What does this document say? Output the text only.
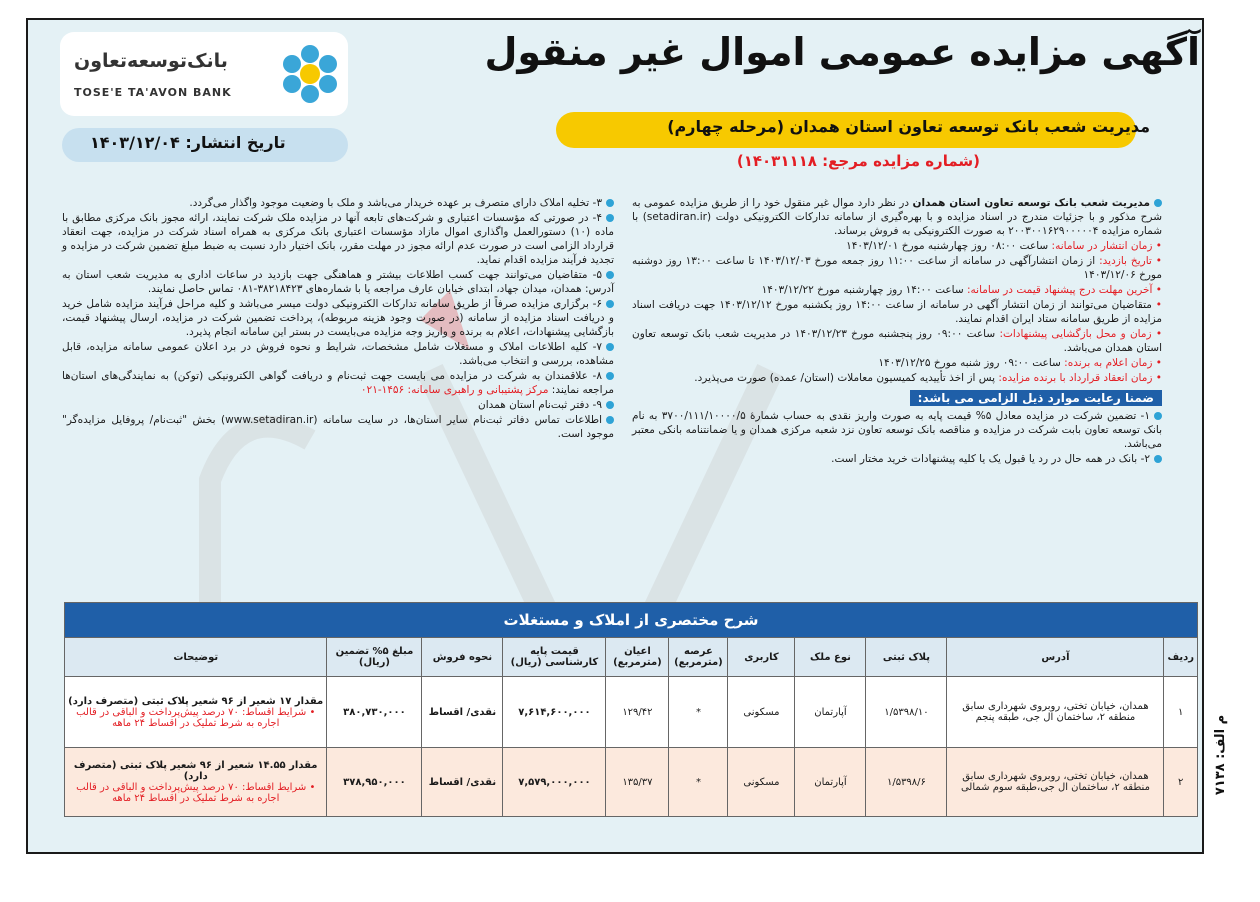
آگهی مزایده عمومی اموال غیر منقول
مدیریت شعب بانک توسعه تعاون استان همدان (مرحله چهارم)
(شماره مزایده مرجع: ۱۴۰۳۱۱۱۸)
بانک‌توسعه‌تعاون
TOSE'E TA'AVON BANK
تاریخ انتشار: ۱۴۰۳/۱۲/۰۴

مدیریت شعب بانک توسعه تعاون استان همدان در نظر دارد موال غیر منقول خود را از طریق مزایده عمومی به شرح مذکور و با جزئیات مندرج در اسناد مزایده و با بهره‌گیری از سامانه تدارکات الکترونیکی دولت (setadiran.ir) با شماره مزایده ۲۰۰۳۰۰۱۶۲۹۰۰۰۰۰۴ به صورت الکترونیکی به فروش برساند.

• زمان انتشار در سامانه: ساعت ۰۸:۰۰ روز چهارشنبه مورخ ۱۴۰۳/۱۲/۰۱

• تاریخ بازدید: از زمان انتشارآگهی در سامانه از ساعت ۱۱:۰۰ روز جمعه مورخ ۱۴۰۳/۱۲/۰۳ تا ساعت ۱۳:۰۰ روز دوشنبه مورخ ۱۴۰۳/۱۲/۰۶

• آخرین مهلت درج پیشنهاد قیمت در سامانه: ساعت ۱۴:۰۰ روز چهارشنبه مورخ ۱۴۰۳/۱۲/۲۲

• متقاضیان می‌توانند از زمان انتشار آگهی در سامانه از ساعت ۱۴:۰۰ روز یکشنبه مورخ ۱۴۰۳/۱۲/۱۲ جهت دریافت اسناد مزایده از طریق سامانه ستاد ایران اقدام نمایند.

• زمان و محل بازگشایی پیشنهادات: ساعت ۰۹:۰۰ روز پنجشنبه مورخ ۱۴۰۳/۱۲/۲۳ در مدیریت شعب بانک توسعه تعاون استان همدان می‌باشد.

• زمان اعلام به برنده: ساعت ۰۹:۰۰ روز شنبه مورخ ۱۴۰۳/۱۲/۲۵

• زمان انعقاد قرارداد با برنده مزایده: پس از اخذ تأییدیه کمیسیون معاملات (استان/ عمده) صورت می‌پذیرد.

ضمنا رعایت موارد ذیل الزامی می باشد:

۱- تضمین شرکت در مزایده معادل ۵% قیمت پایه به صورت واریز نقدی به حساب شمارهٔ ۳۷۰۰/۱۱۱/۱۰۰۰۰/۵ به نام بانک توسعه تعاون بابت شرکت در مزایده و مناقصه بانک توسعه تعاون نزد شعبه مرکزی همدان و یا ضمانتنامه بانکی معتبر می‌باشد.

۲- بانک در همه حال در رد یا قبول یک یا کلیه پیشنهادات خرید مختار است.

۳- تخلیه املاک دارای متصرف بر عهده خریدار می‌باشد و ملک با وضعیت موجود واگذار می‌گردد.

۴- در صورتی که مؤسسات اعتباری و شرکت‌های تابعه آنها در مزایده ملک شرکت نمایند، ارائه مجوز بانک مرکزی مطابق با ماده (۱۰) دستورالعمل واگذاری اموال مازاد مؤسسات اعتباری بانک مرکزی به همراه اسناد شرکت در مزایده، جهت انعقاد قرارداد الزامی است در صورت عدم ارائه مجوز در مهلت مقرر، بانک اختیار دارد نسبت به ضبط مبلغ تضمین شرکت در مزایده و تجدید فرآیند مزایده اقدام نماید.

۵- متقاضیان می‌توانند جهت کسب اطلاعات بیشتر و هماهنگی جهت بازدید در ساعات اداری به مدیریت شعب استان به آدرس: همدان، میدان جهاد، ابتدای خیابان عارف مراجعه یا با شماره‌های ۳۸۲۱۸۴۲۳-۰۸۱ تماس حاصل نمایند.

۶- برگزاری مزایده صرفاً از طریق سامانه تدارکات الکترونیکی دولت میسر می‌باشد و کلیه مراحل فرآیند مزایده شامل خرید و دریافت اسناد مزایده از سامانه (در صورت وجود هزینه مربوطه)، پرداخت تضمین شرکت در مزایده، ارسال پیشنهاد قیمت، بازگشایی پیشنهادات، اعلام به برنده و واریز وجه مزایده می‌بایست در بستر این سامانه انجام پذیرد.

۷- کلیه اطلاعات املاک و مستغلات شامل مشخصات، شرایط و نحوه فروش در برد اعلان عمومی سامانه مزایده، قابل مشاهده، بررسی و انتخاب می‌باشد.

۸- علاقمندان به شرکت در مزایده می بایست جهت ثبت‌نام و دریافت گواهی الکترونیکی (توکن) به نمایندگی‌های استان‌ها مراجعه نمایند: مرکز پشتیبانی و راهبری سامانه: ۱۴۵۶-۰۲۱

۹- دفتر ثبت‌نام استان همدان

اطلاعات تماس دفاتر ثبت‌نام سایر استان‌ها، در سایت سامانه (www.setadiran.ir) بخش "ثبت‌نام/ پروفایل مزایده‌گر" موجود است.

شرح مختصری از املاک و مستغلات										
ردیف	آدرس	پلاک ثبتی	نوع ملک	کاربری	عرصه (مترمربع)	اعیان (مترمربع)	قیمت پایه کارشناسی (ریال)	نحوه فروش	مبلغ ۵% تضمین (ریال)	توضیحات
۱	همدان، خیابان تختی، روبروی شهرداری سابق منطقه ۲، ساختمان ال جی، طبقه پنجم	۱/۵۳۹۸/۱۰	آپارتمان	مسکونی	*	۱۲۹/۴۲	۷,۶۱۴,۶۰۰,۰۰۰	نقدی/ اقساط	۳۸۰,۷۳۰,۰۰۰	مقدار ۱۷ شعیر از ۹۶ شعیر پلاک ثبتی (متصرف دارد)
• شرایط اقساط: ۷۰ درصد پیش‌پرداخت و الباقی در قالب اجاره به شرط تملیک در اقساط ۲۴ ماهه

۲	همدان، خیابان تختی، روبروی شهرداری سابق منطقه ۲، ساختمان ال جی،طبقه سوم شمالی	۱/۵۳۹۸/۶	آپارتمان	مسکونی	*	۱۳۵/۳۷	۷,۵۷۹,۰۰۰,۰۰۰	نقدی/ اقساط	۳۷۸,۹۵۰,۰۰۰	مقدار ۱۴.۵۵ شعیر از ۹۶ شعیر پلاک ثبتی (متصرف دارد)
• شرایط اقساط: ۷۰ درصد پیش‌پرداخت و الباقی در قالب اجاره به شرط تملیک در اقساط ۲۴ ماهه
م الف: ۷۱۳۸
